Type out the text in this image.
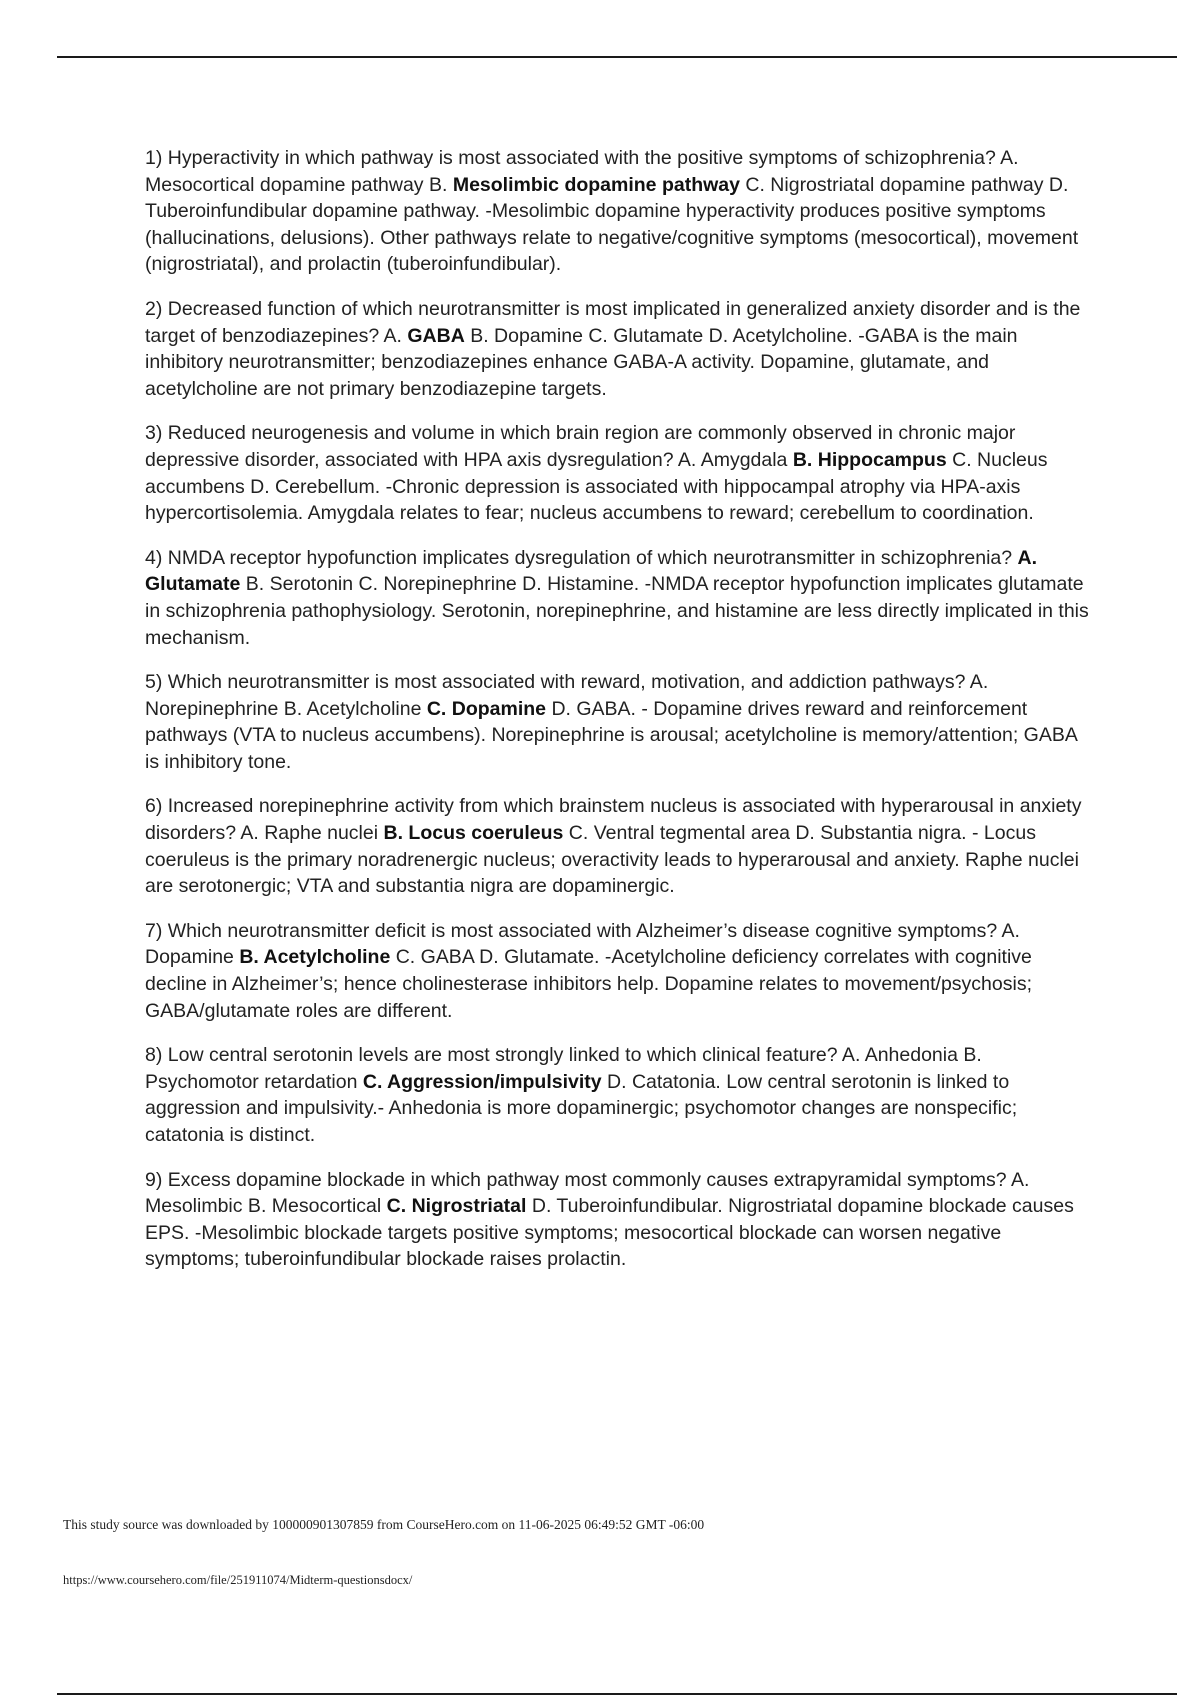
1) Hyperactivity in which pathway is most associated with the positive symptoms of schizophrenia? A. Mesocortical dopamine pathway B. Mesolimbic dopamine pathway C. Nigrostriatal dopamine pathway D. Tuberoinfundibular dopamine pathway. -Mesolimbic dopamine hyperactivity produces positive symptoms (hallucinations, delusions). Other pathways relate to negative/cognitive symptoms (mesocortical), movement (nigrostriatal), and prolactin (tuberoinfundibular).

2) Decreased function of which neurotransmitter is most implicated in generalized anxiety disorder and is the target of benzodiazepines? A. GABA B. Dopamine C. Glutamate D. Acetylcholine. -GABA is the main inhibitory neurotransmitter; benzodiazepines enhance GABA-A activity. Dopamine, glutamate, and acetylcholine are not primary benzodiazepine targets.

3) Reduced neurogenesis and volume in which brain region are commonly observed in chronic major depressive disorder, associated with HPA axis dysregulation? A. Amygdala B. Hippocampus C. Nucleus accumbens D. Cerebellum. -Chronic depression is associated with hippocampal atrophy via HPA-axis hypercortisolemia. Amygdala relates to fear; nucleus accumbens to reward; cerebellum to coordination.

4) NMDA receptor hypofunction implicates dysregulation of which neurotransmitter in schizophrenia? A. Glutamate B. Serotonin C. Norepinephrine D. Histamine. -NMDA receptor hypofunction implicates glutamate in schizophrenia pathophysiology. Serotonin, norepinephrine, and histamine are less directly implicated in this mechanism.

5) Which neurotransmitter is most associated with reward, motivation, and addiction pathways? A. Norepinephrine B. Acetylcholine C. Dopamine D. GABA. - Dopamine drives reward and reinforcement pathways (VTA to nucleus accumbens). Norepinephrine is arousal; acetylcholine is memory/attention; GABA is inhibitory tone.

6) Increased norepinephrine activity from which brainstem nucleus is associated with hyperarousal in anxiety disorders? A. Raphe nuclei B. Locus coeruleus C. Ventral tegmental area D. Substantia nigra. - Locus coeruleus is the primary noradrenergic nucleus; overactivity leads to hyperarousal and anxiety. Raphe nuclei are serotonergic; VTA and substantia nigra are dopaminergic.

7) Which neurotransmitter deficit is most associated with Alzheimer’s disease cognitive symptoms? A. Dopamine B. Acetylcholine C. GABA D. Glutamate. -Acetylcholine deficiency correlates with cognitive decline in Alzheimer’s; hence cholinesterase inhibitors help. Dopamine relates to movement/psychosis; GABA/glutamate roles are different.

8) Low central serotonin levels are most strongly linked to which clinical feature? A. Anhedonia B. Psychomotor retardation C. Aggression/impulsivity D. Catatonia. Low central serotonin is linked to aggression and impulsivity.- Anhedonia is more dopaminergic; psychomotor changes are nonspecific; catatonia is distinct.

9) Excess dopamine blockade in which pathway most commonly causes extrapyramidal symptoms? A. Mesolimbic B. Mesocortical C. Nigrostriatal D. Tuberoinfundibular. Nigrostriatal dopamine blockade causes EPS. -Mesolimbic blockade targets positive symptoms; mesocortical blockade can worsen negative symptoms; tuberoinfundibular blockade raises prolactin.

This study source was downloaded by 100000901307859 from CourseHero.com on 11-06-2025 06:49:52 GMT -06:00
https://www.coursehero.com/file/251911074/Midterm-questionsdocx/
